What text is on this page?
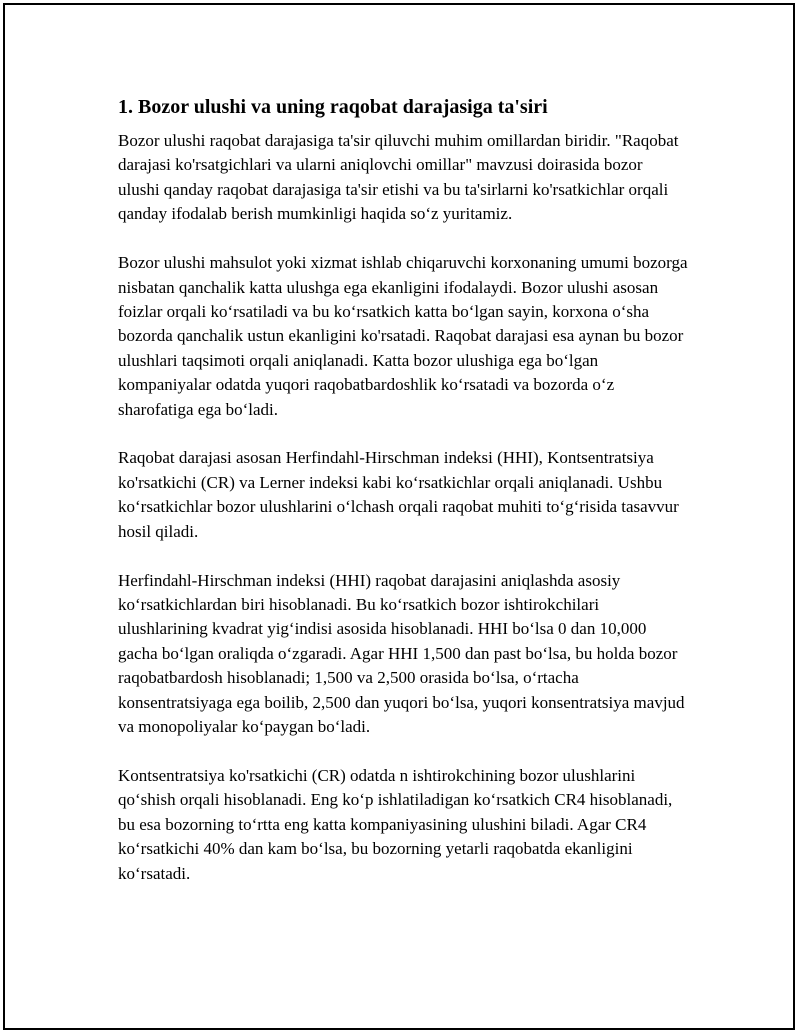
1. Bozor ulushi va uning raqobat darajasiga ta'siri

Bozor ulushi raqobat darajasiga ta'sir qiluvchi muhim omillardan biridir. "Raqobat darajasi ko'rsatgichlari va ularni aniqlovchi omillar" mavzusi doirasida bozor ulushi qanday raqobat darajasiga ta'sir etishi va bu ta'sirlarni ko'rsatkichlar orqali qanday ifodalab berish mumkinligi haqida so‘z yuritamiz.

Bozor ulushi mahsulot yoki xizmat ishlab chiqaruvchi korxonaning umumi bozorga nisbatan qanchalik katta ulushga ega ekanligini ifodalaydi. Bozor ulushi asosan foizlar orqali ko‘rsatiladi va bu ko‘rsatkich katta bo‘lgan sayin, korxona o‘sha bozorda qanchalik ustun ekanligini ko'rsatadi. Raqobat darajasi esa aynan bu bozor ulushlari taqsimoti orqali aniqlanadi. Katta bozor ulushiga ega bo‘lgan kompaniyalar odatda yuqori raqobatbardoshlik ko‘rsatadi va bozorda o‘z sharofatiga ega bo‘ladi.

Raqobat darajasi asosan Herfindahl-Hirschman indeksi (HHI), Kontsentratsiya ko'rsatkichi (CR) va Lerner indeksi kabi ko‘rsatkichlar orqali aniqlanadi. Ushbu ko‘rsatkichlar bozor ulushlarini o‘lchash orqali raqobat muhiti to‘g‘risida tasavvur hosil qiladi.

Herfindahl-Hirschman indeksi (HHI) raqobat darajasini aniqlashda asosiy ko‘rsatkichlardan biri hisoblanadi. Bu ko‘rsatkich bozor ishtirokchilari ulushlarining kvadrat yig‘indisi asosida hisoblanadi. HHI bo‘lsa 0 dan 10,000 gacha bo‘lgan oraliqda o‘zgaradi. Agar HHI 1,500 dan past bo‘lsa, bu holda bozor raqobatbardosh hisoblanadi; 1,500 va 2,500 orasida bo‘lsa, o‘rtacha konsentratsiyaga ega boilib, 2,500 dan yuqori bo‘lsa, yuqori konsentratsiya mavjud va monopoliyalar ko‘paygan bo‘ladi.

Kontsentratsiya ko'rsatkichi (CR) odatda n ishtirokchining bozor ulushlarini qo‘shish orqali hisoblanadi. Eng ko‘p ishlatiladigan ko‘rsatkich CR4 hisoblanadi, bu esa bozorning to‘rtta eng katta kompaniyasining ulushini biladi. Agar CR4 ko‘rsatkichi 40% dan kam bo‘lsa, bu bozorning yetarli raqobatda ekanligini ko‘rsatadi.
